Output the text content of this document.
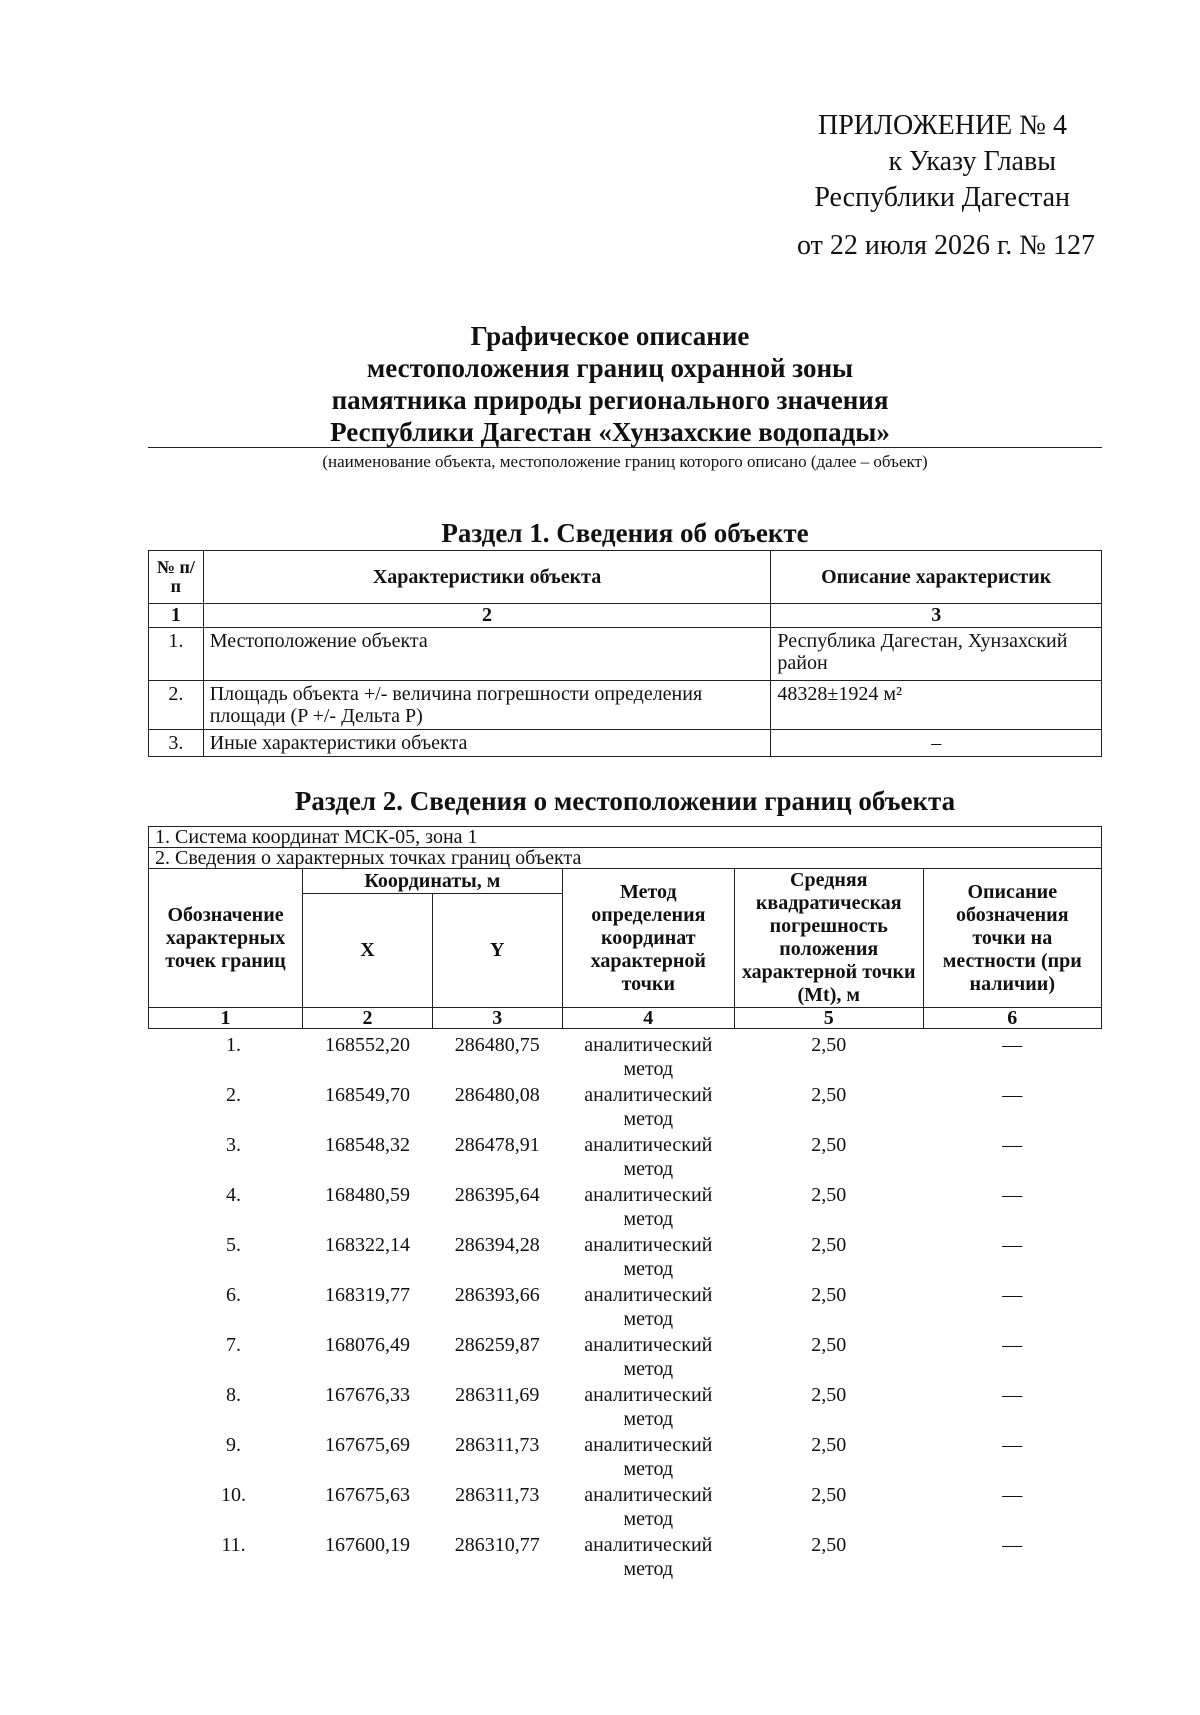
ПРИЛОЖЕНИЕ № 4
к Указу Главы
Республики Дагестан
от 22 июля 2026 г. № 127
Графическое описание
местоположения границ охранной зоны
памятника природы регионального значения
Республики Дагестан «Хунзахские водопады»
(наименование объекта, местоположение границ которого описано (далее – объект)
Раздел 1. Сведения об объекте
№ п/п	Характеристики объекта	Описание характеристик
1	2	3
1.	Местоположение объекта	Республика Дагестан, Хунзахский район
2.	Площадь объекта +/- величина погрешности определения площади (P +/- Дельта P)	48328±1924 м²
3.	Иные характеристики объекта	–
Раздел 2. Сведения о местоположении границ объекта
1. Система координат МСК-05, зона 1					
2. Сведения о характерных точках границ объекта					
Обозначение характерных точек границ	Координаты, м		Метод определения координат характерной точки	Средняя квадратическая погрешность положения характерной точки (Mt), м	Описание обозначения точки на местности (при наличии)
	X	Y			
1	2	3	4	5	6
1.	168552,20	286480,75	аналитический метод	2,50	—
2.	168549,70	286480,08	аналитический метод	2,50	—
3.	168548,32	286478,91	аналитический метод	2,50	—
4.	168480,59	286395,64	аналитический метод	2,50	—
5.	168322,14	286394,28	аналитический метод	2,50	—
6.	168319,77	286393,66	аналитический метод	2,50	—
7.	168076,49	286259,87	аналитический метод	2,50	—
8.	167676,33	286311,69	аналитический метод	2,50	—
9.	167675,69	286311,73	аналитический метод	2,50	—
10.	167675,63	286311,73	аналитический метод	2,50	—
11.	167600,19	286310,77	аналитический метод	2,50	—
